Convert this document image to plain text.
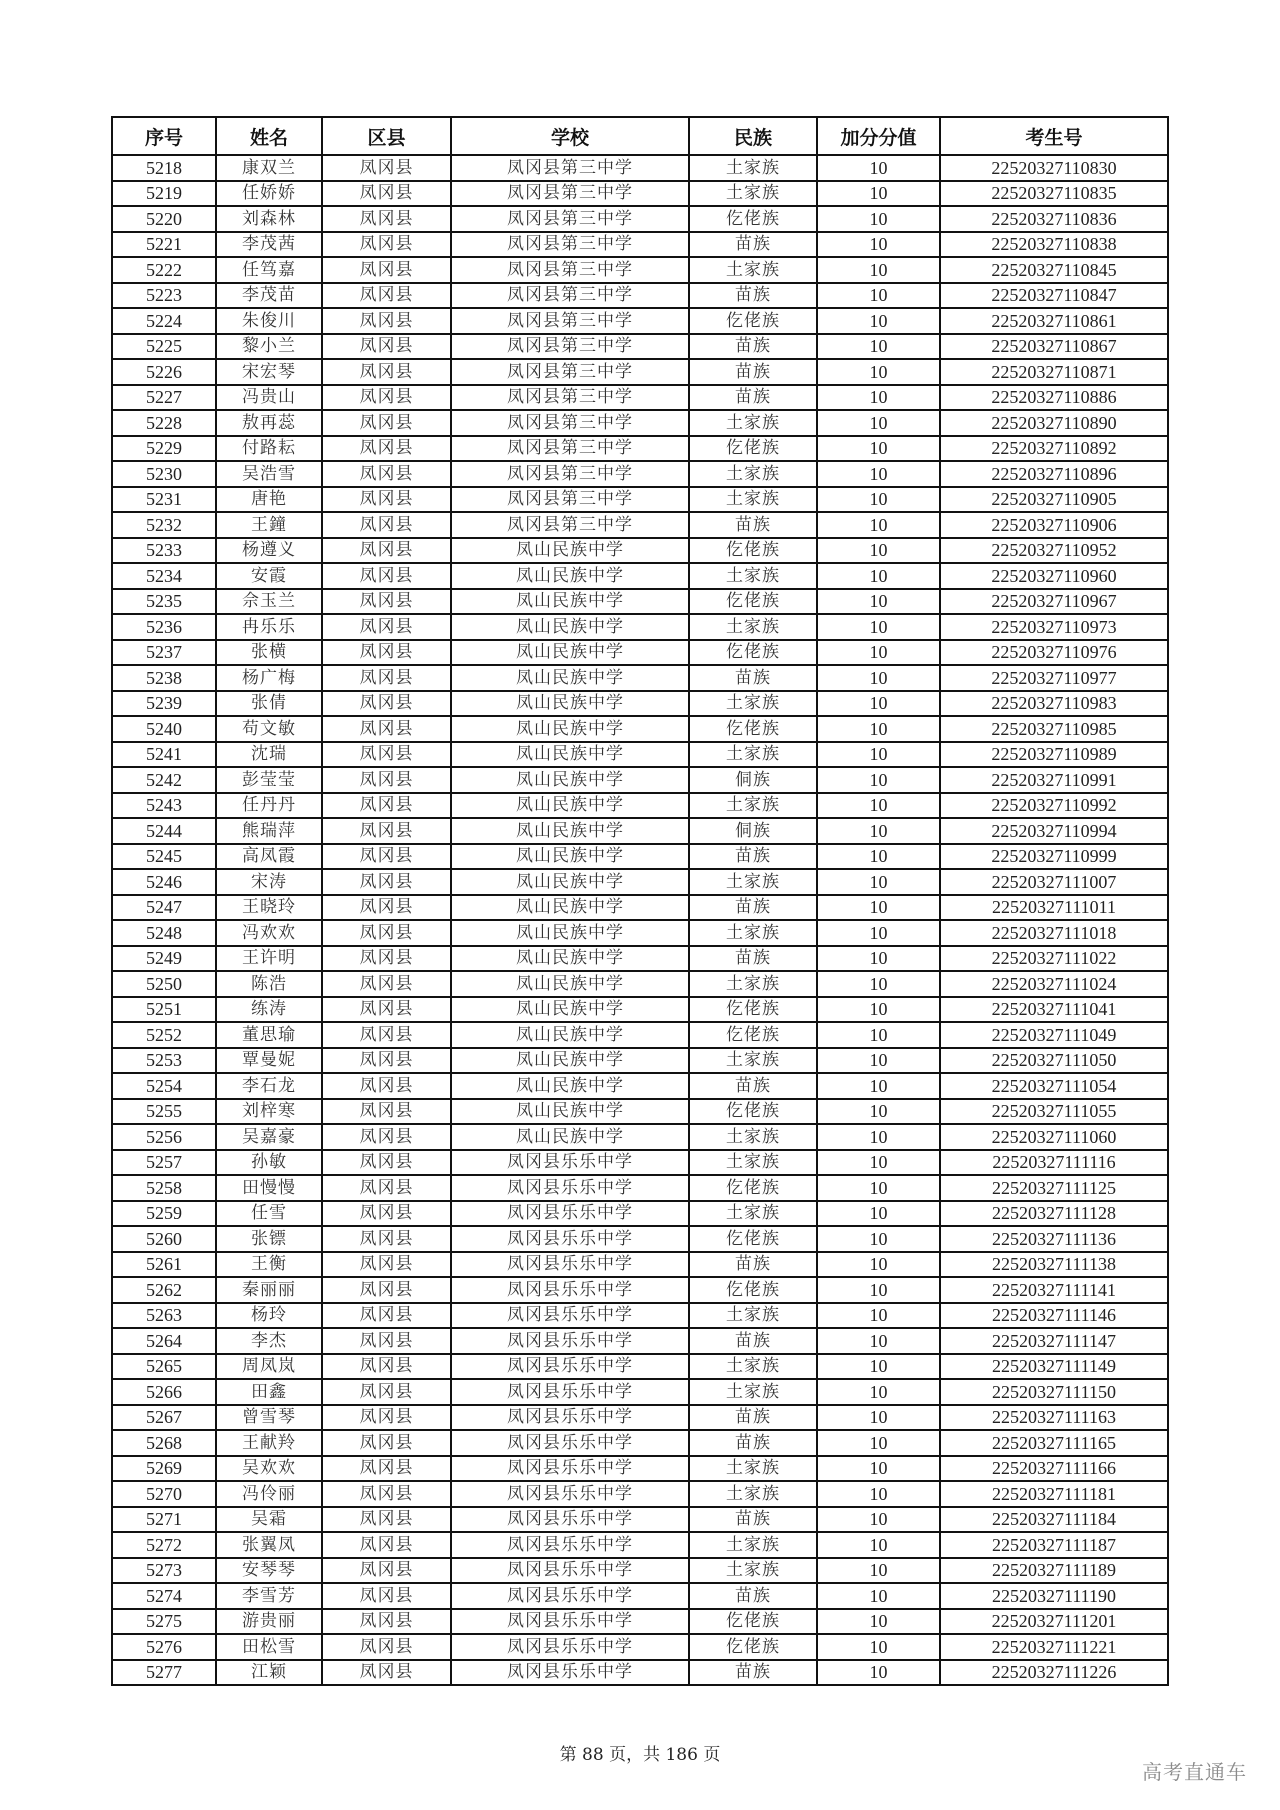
序号	姓名	区县	学校	民族	加分分值	考生号
5218	康双兰	凤冈县	凤冈县第三中学	土家族	10	22520327110830
5219	任娇娇	凤冈县	凤冈县第三中学	土家族	10	22520327110835
5220	刘森林	凤冈县	凤冈县第三中学	仡佬族	10	22520327110836
5221	李茂茜	凤冈县	凤冈县第三中学	苗族	10	22520327110838
5222	任笃嘉	凤冈县	凤冈县第三中学	土家族	10	22520327110845
5223	李茂苗	凤冈县	凤冈县第三中学	苗族	10	22520327110847
5224	朱俊川	凤冈县	凤冈县第三中学	仡佬族	10	22520327110861
5225	黎小兰	凤冈县	凤冈县第三中学	苗族	10	22520327110867
5226	宋宏琴	凤冈县	凤冈县第三中学	苗族	10	22520327110871
5227	冯贵山	凤冈县	凤冈县第三中学	苗族	10	22520327110886
5228	敖再蕊	凤冈县	凤冈县第三中学	土家族	10	22520327110890
5229	付路耘	凤冈县	凤冈县第三中学	仡佬族	10	22520327110892
5230	吴浩雪	凤冈县	凤冈县第三中学	土家族	10	22520327110896
5231	唐艳	凤冈县	凤冈县第三中学	土家族	10	22520327110905
5232	王鐘	凤冈县	凤冈县第三中学	苗族	10	22520327110906
5233	杨遵义	凤冈县	凤山民族中学	仡佬族	10	22520327110952
5234	安霞	凤冈县	凤山民族中学	土家族	10	22520327110960
5235	佘玉兰	凤冈县	凤山民族中学	仡佬族	10	22520327110967
5236	冉乐乐	凤冈县	凤山民族中学	土家族	10	22520327110973
5237	张横	凤冈县	凤山民族中学	仡佬族	10	22520327110976
5238	杨广梅	凤冈县	凤山民族中学	苗族	10	22520327110977
5239	张倩	凤冈县	凤山民族中学	土家族	10	22520327110983
5240	苟文敏	凤冈县	凤山民族中学	仡佬族	10	22520327110985
5241	沈瑞	凤冈县	凤山民族中学	土家族	10	22520327110989
5242	彭莹莹	凤冈县	凤山民族中学	侗族	10	22520327110991
5243	任丹丹	凤冈县	凤山民族中学	土家族	10	22520327110992
5244	熊瑞萍	凤冈县	凤山民族中学	侗族	10	22520327110994
5245	高凤霞	凤冈县	凤山民族中学	苗族	10	22520327110999
5246	宋涛	凤冈县	凤山民族中学	土家族	10	22520327111007
5247	王晓玲	凤冈县	凤山民族中学	苗族	10	22520327111011
5248	冯欢欢	凤冈县	凤山民族中学	土家族	10	22520327111018
5249	王许明	凤冈县	凤山民族中学	苗族	10	22520327111022
5250	陈浩	凤冈县	凤山民族中学	土家族	10	22520327111024
5251	练涛	凤冈县	凤山民族中学	仡佬族	10	22520327111041
5252	董思瑜	凤冈县	凤山民族中学	仡佬族	10	22520327111049
5253	覃曼妮	凤冈县	凤山民族中学	土家族	10	22520327111050
5254	李石龙	凤冈县	凤山民族中学	苗族	10	22520327111054
5255	刘梓寒	凤冈县	凤山民族中学	仡佬族	10	22520327111055
5256	吴嘉豪	凤冈县	凤山民族中学	土家族	10	22520327111060
5257	孙敏	凤冈县	凤冈县乐乐中学	土家族	10	22520327111116
5258	田慢慢	凤冈县	凤冈县乐乐中学	仡佬族	10	22520327111125
5259	任雪	凤冈县	凤冈县乐乐中学	土家族	10	22520327111128
5260	张镖	凤冈县	凤冈县乐乐中学	仡佬族	10	22520327111136
5261	王衡	凤冈县	凤冈县乐乐中学	苗族	10	22520327111138
5262	秦丽丽	凤冈县	凤冈县乐乐中学	仡佬族	10	22520327111141
5263	杨玲	凤冈县	凤冈县乐乐中学	土家族	10	22520327111146
5264	李杰	凤冈县	凤冈县乐乐中学	苗族	10	22520327111147
5265	周凤岚	凤冈县	凤冈县乐乐中学	土家族	10	22520327111149
5266	田鑫	凤冈县	凤冈县乐乐中学	土家族	10	22520327111150
5267	曾雪琴	凤冈县	凤冈县乐乐中学	苗族	10	22520327111163
5268	王献羚	凤冈县	凤冈县乐乐中学	苗族	10	22520327111165
5269	吴欢欢	凤冈县	凤冈县乐乐中学	土家族	10	22520327111166
5270	冯伶丽	凤冈县	凤冈县乐乐中学	土家族	10	22520327111181
5271	吴霜	凤冈县	凤冈县乐乐中学	苗族	10	22520327111184
5272	张翼凤	凤冈县	凤冈县乐乐中学	土家族	10	22520327111187
5273	安琴琴	凤冈县	凤冈县乐乐中学	土家族	10	22520327111189
5274	李雪芳	凤冈县	凤冈县乐乐中学	苗族	10	22520327111190
5275	游贵丽	凤冈县	凤冈县乐乐中学	仡佬族	10	22520327111201
5276	田松雪	凤冈县	凤冈县乐乐中学	仡佬族	10	22520327111221
5277	江颖	凤冈县	凤冈县乐乐中学	苗族	10	22520327111226
第 88 页，共 186 页
高考直通车
